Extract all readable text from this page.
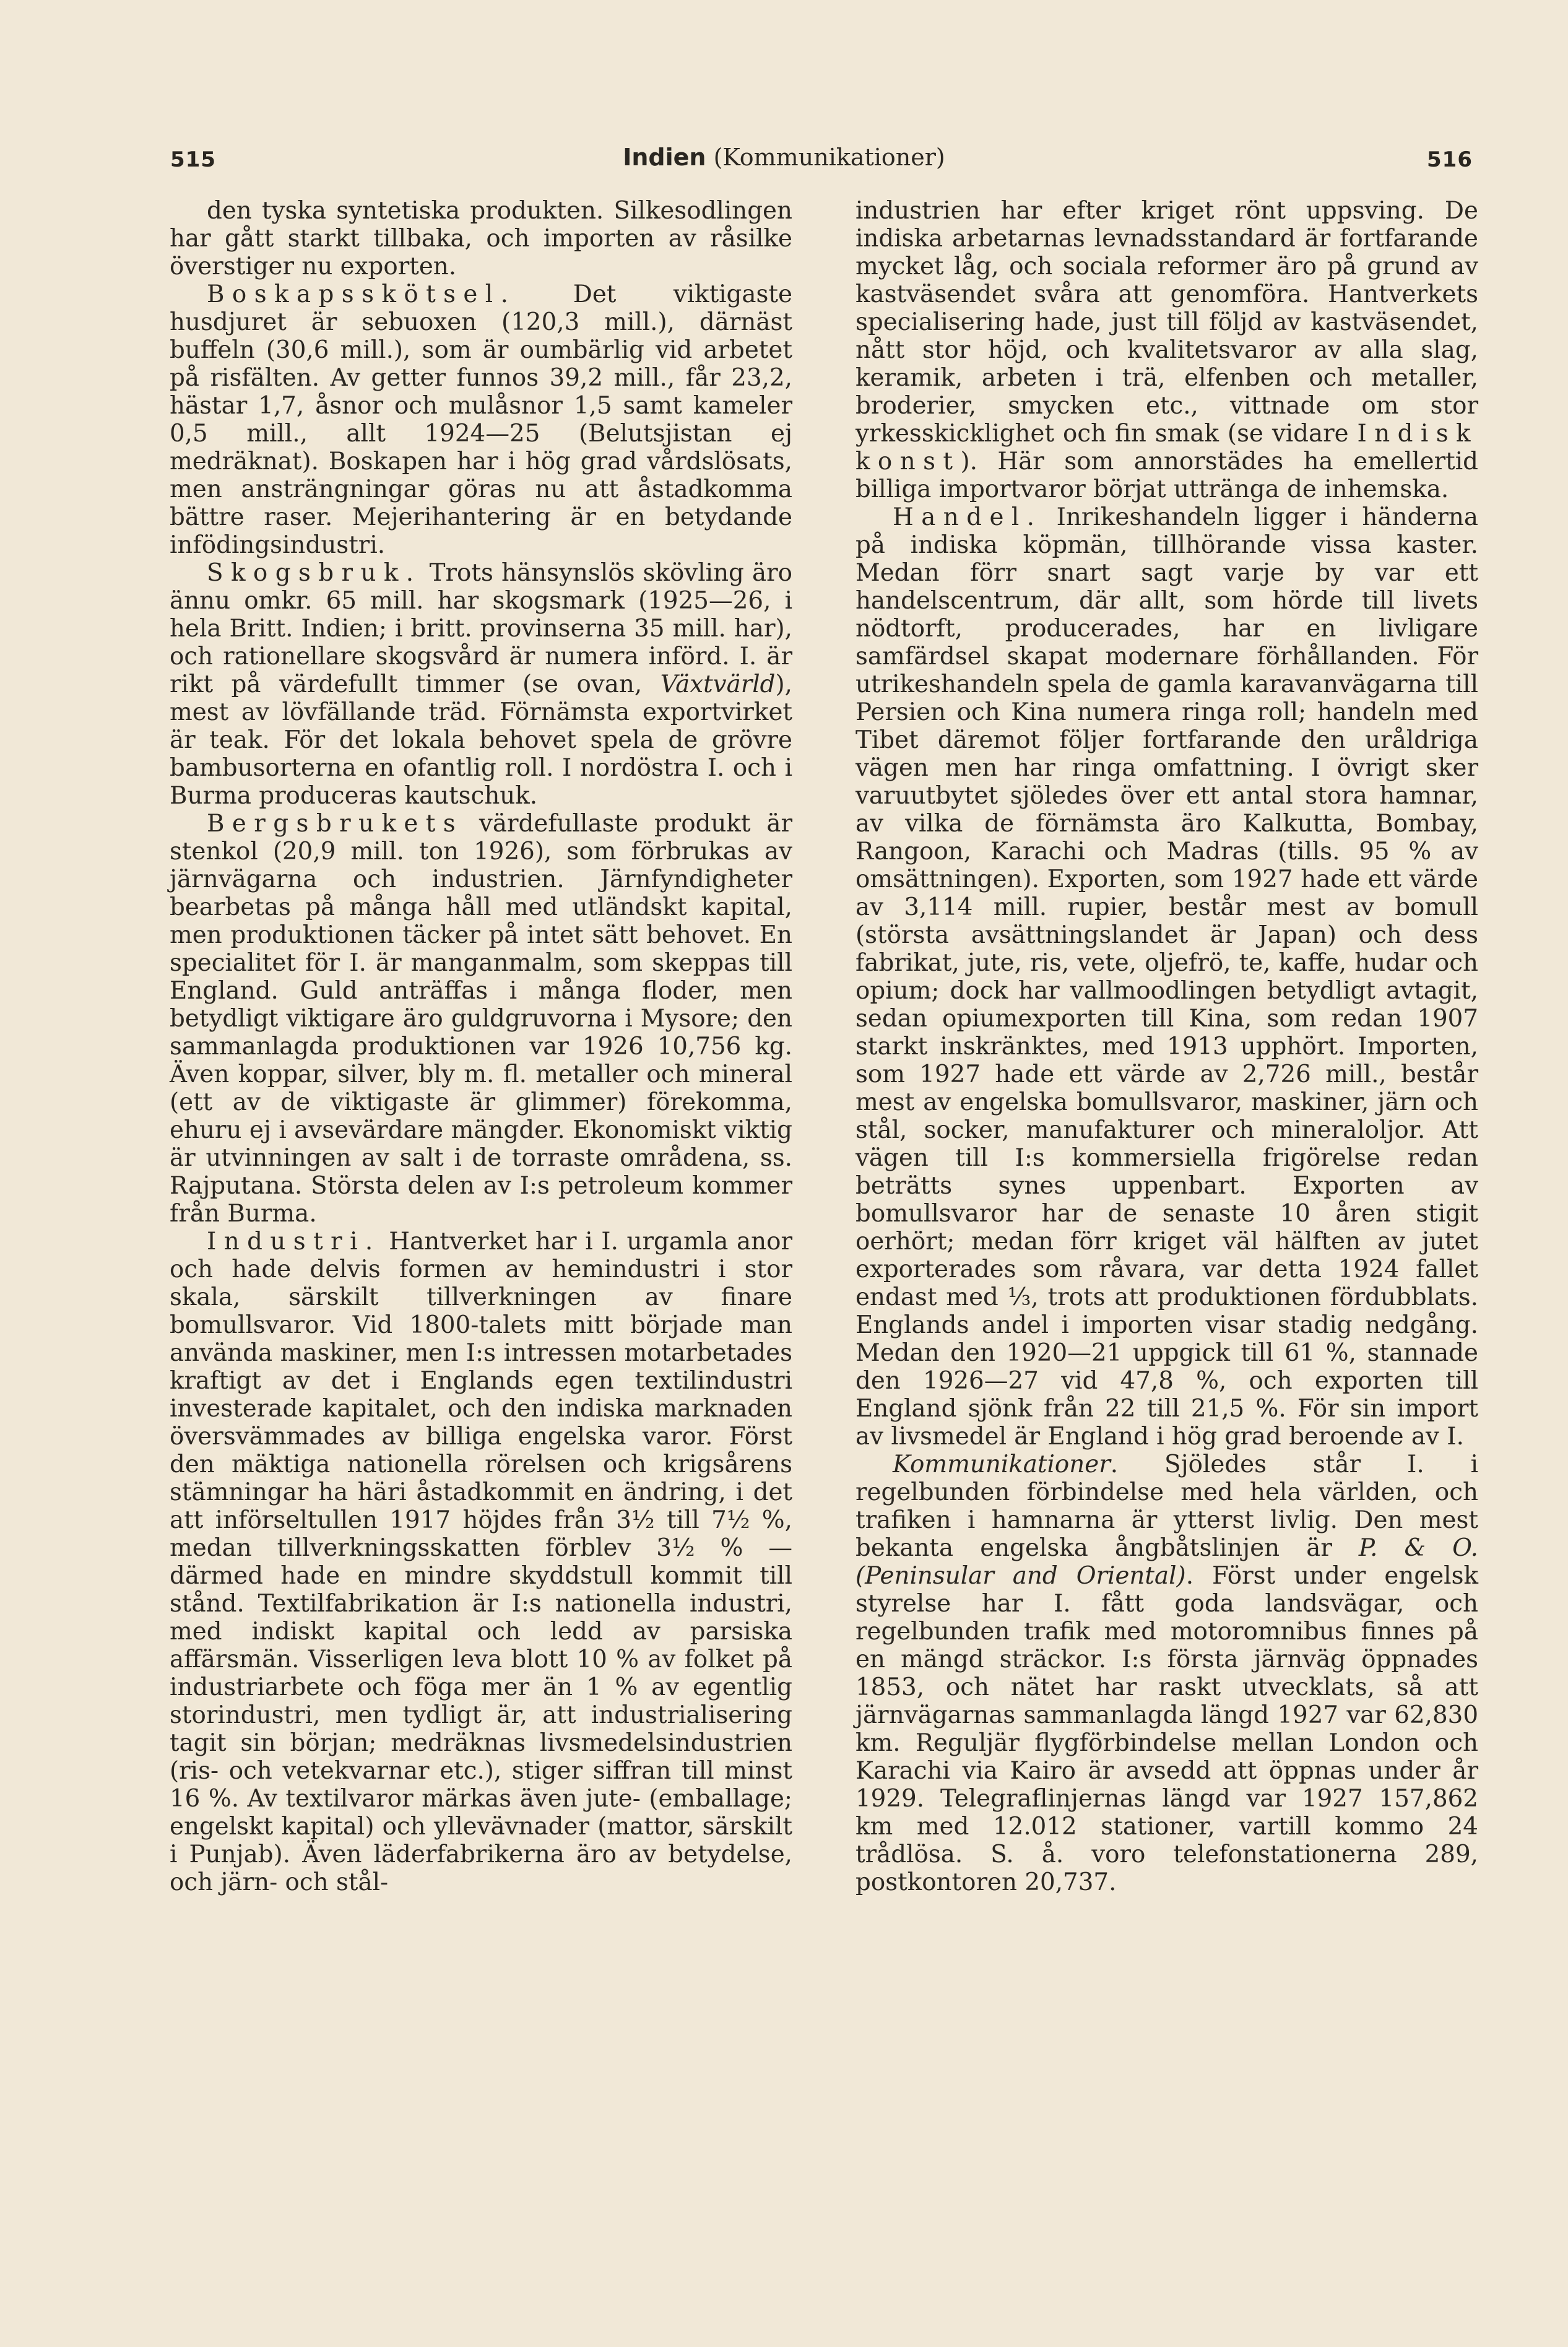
515	Indien (Kommunikationer)	516

den tyska syntetiska produkten. Silkesodlingen har gått starkt tillbaka, och importen av råsilke överstiger nu exporten.

Boskapsskötsel. Det viktigaste husdjuret är sebuoxen (120,3 mill.), därnäst buffeln (30,6 mill.), som är oumbärlig vid arbetet på risfälten. Av getter funnos 39,2 mill., får 23,2, hästar 1,7, åsnor och mulåsnor 1,5 samt kameler 0,5 mill., allt 1924—25 (Belutsjistan ej medräknat). Boskapen har i hög grad vårdslösats, men ansträngningar göras nu att åstadkomma bättre raser. Mejerihantering är en betydande infödingsindustri.

Skogsbruk. Trots hänsynslös skövling äro ännu omkr. 65 mill. har skogsmark (1925—26, i hela Britt. Indien; i britt. provinserna 35 mill. har), och rationellare skogsvård är numera införd. I. är rikt på värdefullt timmer (se ovan, Växtvärld), mest av lövfällande träd. Förnämsta exportvirket är teak. För det lokala behovet spela de grövre bambusorterna en ofantlig roll. I nordöstra I. och i Burma produceras kautschuk.

Bergsbrukets värdefullaste produkt är stenkol (20,9 mill. ton 1926), som förbrukas av järnvägarna och industrien. Järnfyndigheter bearbetas på många håll med utländskt kapital, men produktionen täcker på intet sätt behovet. En specialitet för I. är manganmalm, som skeppas till England. Guld anträffas i många floder, men betydligt viktigare äro guldgruvorna i Mysore; den sammanlagda produktionen var 1926 10,756 kg. Även koppar, silver, bly m. fl. metaller och mineral (ett av de viktigaste är glimmer) förekomma, ehuru ej i avsevärdare mängder. Ekonomiskt viktig är utvinningen av salt i de torraste områdena, ss. Rajputana. Största delen av I:s petroleum kommer från Burma.

Industri. Hantverket har i I. urgamla anor och hade delvis formen av hemindustri i stor skala, särskilt tillverkningen av finare bomullsvaror. Vid 1800-talets mitt började man använda maskiner, men I:s intressen motarbetades kraftigt av det i Englands egen textilindustri investerade kapitalet, och den indiska marknaden översvämmades av billiga engelska varor. Först den mäktiga nationella rörelsen och krigsårens stämningar ha häri åstadkommit en ändring, i det att införseltullen 1917 höjdes från 3½ till 7½ %, medan tillverkningsskatten förblev 3½ % — därmed hade en mindre skyddstull kommit till stånd. Textilfabrikation är I:s nationella industri, med indiskt kapital och ledd av parsiska affärsmän. Visserligen leva blott 10 % av folket på industriarbete och föga mer än 1 % av egentlig storindustri, men tydligt är, att industrialisering tagit sin början; medräknas livsmedelsindustrien (ris- och vetekvarnar etc.), stiger siffran till minst 16 %. Av textilvaror märkas även jute- (emballage; engelskt kapital) och yllevävnader (mattor, särskilt i Punjab). Även läderfabrikerna äro av betydelse, och järn- och stål-

industrien har efter kriget rönt uppsving. De indiska arbetarnas levnadsstandard är fortfarande mycket låg, och sociala reformer äro på grund av kastväsendet svåra att genomföra. Hantverkets specialisering hade, just till följd av kastväsendet, nått stor höjd, och kvalitetsvaror av alla slag, keramik, arbeten i trä, elfenben och metaller, broderier, smycken etc., vittnade om stor yrkesskicklighet och fin smak (se vidare Indisk konst). Här som annorstädes ha emellertid billiga importvaror börjat uttränga de inhemska.

Handel. Inrikeshandeln ligger i händerna på indiska köpmän, tillhörande vissa kaster. Medan förr snart sagt varje by var ett handelscentrum, där allt, som hörde till livets nödtorft, producerades, har en livligare samfärdsel skapat modernare förhållanden. För utrikeshandeln spela de gamla karavanvägarna till Persien och Kina numera ringa roll; handeln med Tibet däremot följer fortfarande den uråldriga vägen men har ringa omfattning. I övrigt sker varuutbytet sjöledes över ett antal stora hamnar, av vilka de förnämsta äro Kalkutta, Bombay, Rangoon, Karachi och Madras (tills. 95 % av omsättningen). Exporten, som 1927 hade ett värde av 3,114 mill. rupier, består mest av bomull (största avsättningslandet är Japan) och dess fabrikat, jute, ris, vete, oljefrö, te, kaffe, hudar och opium; dock har vallmoodlingen betydligt avtagit, sedan opiumexporten till Kina, som redan 1907 starkt inskränktes, med 1913 upphört. Importen, som 1927 hade ett värde av 2,726 mill., består mest av engelska bomullsvaror, maskiner, järn och stål, socker, manufakturer och mineraloljor. Att vägen till I:s kommersiella frigörelse redan beträtts synes uppenbart. Exporten av bomullsvaror har de senaste 10 åren stigit oerhört; medan förr kriget väl hälften av jutet exporterades som råvara, var detta 1924 fallet endast med ⅓, trots att produktionen fördubblats. Englands andel i importen visar stadig nedgång. Medan den 1920—21 uppgick till 61 %, stannade den 1926—27 vid 47,8 %, och exporten till England sjönk från 22 till 21,5 %. För sin import av livsmedel är England i hög grad beroende av I.

Kommunikationer. Sjöledes står I. i regelbunden förbindelse med hela världen, och trafiken i hamnarna är ytterst livlig. Den mest bekanta engelska ångbåtslinjen är P. & O. (Peninsular and Oriental). Först under engelsk styrelse har I. fått goda landsvägar, och regelbunden trafik med motoromnibus finnes på en mängd sträckor. I:s första järnväg öppnades 1853, och nätet har raskt utvecklats, så att järnvägarnas sammanlagda längd 1927 var 62,830 km. Reguljär flygförbindelse mellan London och Karachi via Kairo är avsedd att öppnas under år 1929. Telegraflinjernas längd var 1927 157,862 km med 12.012 stationer, vartill kommo 24 trådlösa. S. å. voro telefonstationerna 289, postkontoren 20,737.
